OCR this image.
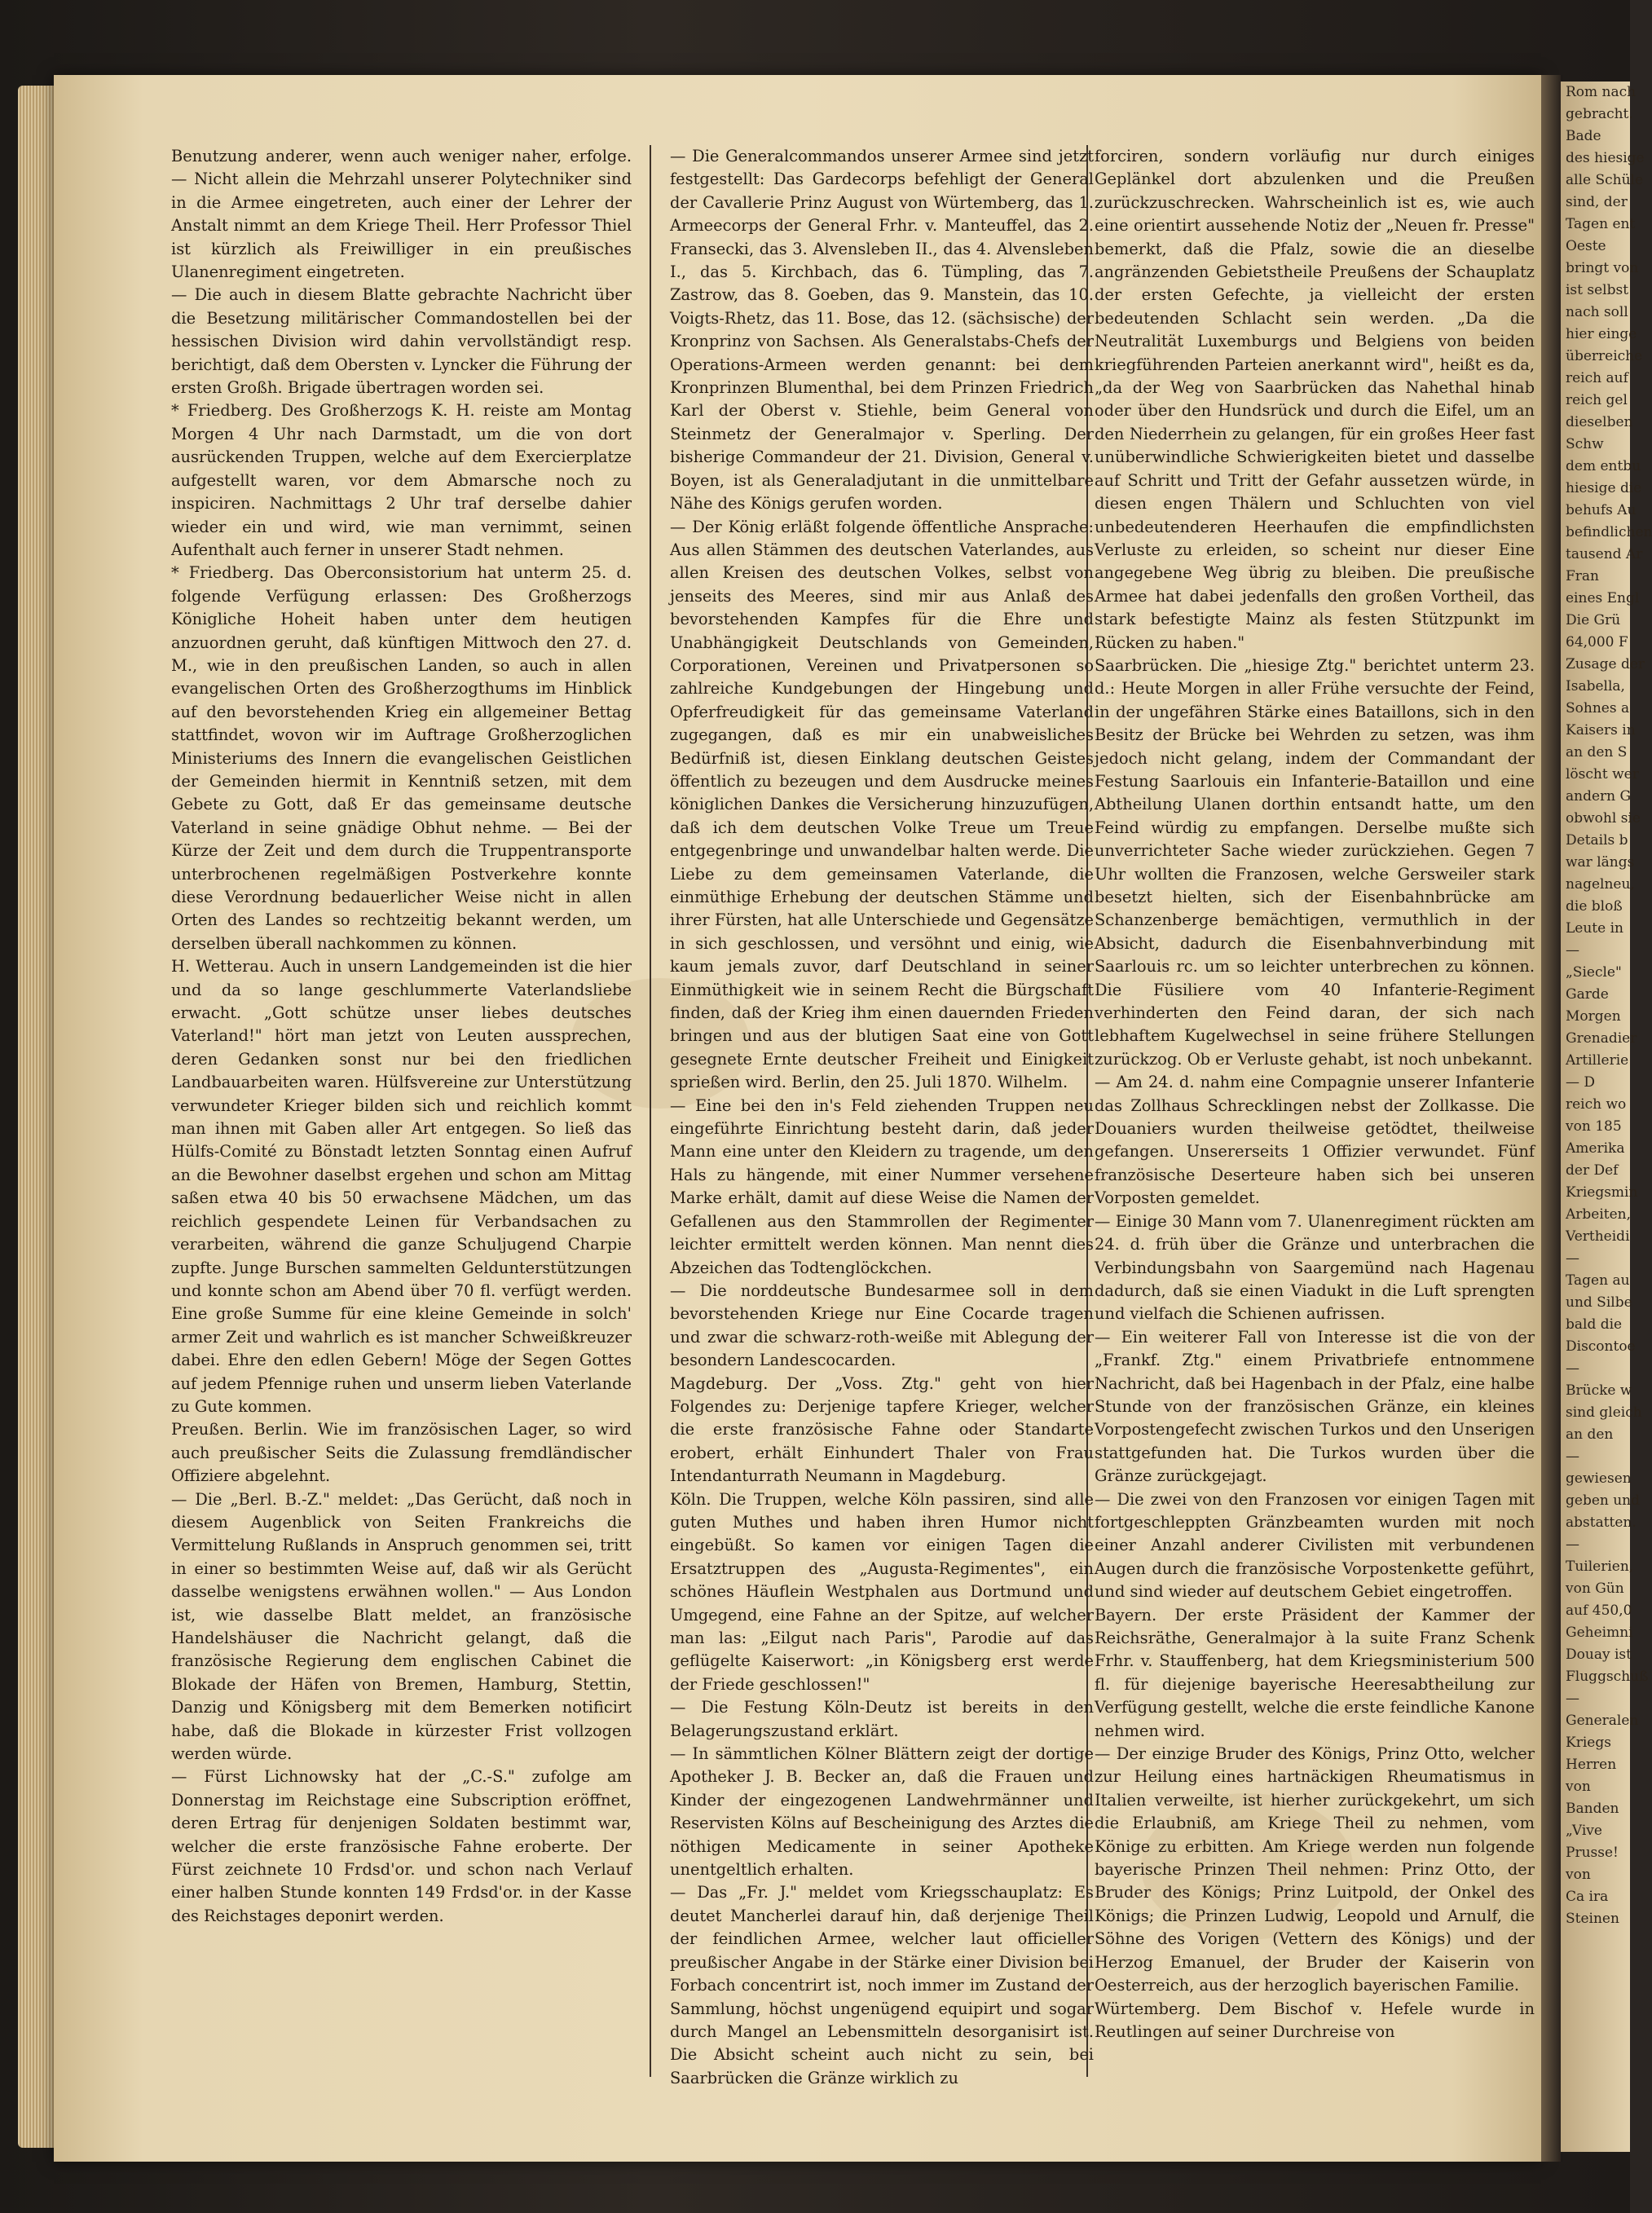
Rom nach
gebracht.
Bade
des hiesige
alle Schüle
sind, der
Tagen ent
Oeste
bringt von
ist selbst
nach soll
hier einge
überreiche
reich auf
reich gel
dieselben
Schw
dem entbu
hiesige die
behufs Au
befindlichen
tausend Ar
Fran
eines Engl
Die Grü
64,000 F
Zusage der
Isabella,
Sohnes a
Kaisers in
an den S
löscht wer
andern G
obwohl sie
Details b
war längs
nagelneu,
die bloß
Leute in
—
„Siecle"
Garde
Morgen
Grenadier
Artillerie
— D
reich wo
von 185
Amerika
der Def
Kriegsmin
Arbeiten,
Vertheidi
—
Tagen au
und Silbe
bald die
Discontoe
—
Brücke w
sind gleich
an den
—
gewiesen
geben und
abstatten.
—
Tuilerien,
von Gün
auf 450,0
Geheimni
Douay ist
Fluggschuß
—
Generalen
Kriegs
Herren
von
Banden
„Vive
Prusse!
von
Ca ira
Steinen

Benutzung anderer, wenn auch weniger naher, erfolge. — Nicht allein die Mehrzahl unserer Polytechniker sind in die Armee eingetreten, auch einer der Lehrer der Anstalt nimmt an dem Kriege Theil. Herr Professor Thiel ist kürzlich als Freiwilliger in ein preußisches Ulanenregiment eingetreten.

— Die auch in diesem Blatte gebrachte Nachricht über die Besetzung militärischer Commandostellen bei der hessischen Division wird dahin vervollständigt resp. berichtigt, daß dem Obersten v. Lyncker die Führung der ersten Großh. Brigade übertragen worden sei.

* Friedberg. Des Großherzogs K. H. reiste am Montag Morgen 4 Uhr nach Darmstadt, um die von dort ausrückenden Truppen, welche auf dem Exercierplatze aufgestellt waren, vor dem Abmarsche noch zu inspiciren. Nachmittags 2 Uhr traf derselbe dahier wieder ein und wird, wie man vernimmt, seinen Aufenthalt auch ferner in unserer Stadt nehmen.

* Friedberg. Das Oberconsistorium hat unterm 25. d. folgende Verfügung erlassen: Des Großherzogs Königliche Hoheit haben unter dem heutigen anzuordnen geruht, daß künftigen Mittwoch den 27. d. M., wie in den preußischen Landen, so auch in allen evangelischen Orten des Großherzogthums im Hinblick auf den bevorstehenden Krieg ein allgemeiner Bettag stattfindet, wovon wir im Auftrage Großherzoglichen Ministeriums des Innern die evangelischen Geistlichen der Gemeinden hiermit in Kenntniß setzen, mit dem Gebete zu Gott, daß Er das gemeinsame deutsche Vaterland in seine gnädige Obhut nehme. — Bei der Kürze der Zeit und dem durch die Truppentransporte unterbrochenen regelmäßigen Postverkehre konnte diese Verordnung bedauerlicher Weise nicht in allen Orten des Landes so rechtzeitig bekannt werden, um derselben überall nachkommen zu können.

H. Wetterau. Auch in unsern Landgemeinden ist die hier und da so lange geschlummerte Vaterlandsliebe erwacht. „Gott schütze unser liebes deutsches Vaterland!" hört man jetzt von Leuten aussprechen, deren Gedanken sonst nur bei den friedlichen Landbauarbeiten waren. Hülfsvereine zur Unterstützung verwundeter Krieger bilden sich und reichlich kommt man ihnen mit Gaben aller Art entgegen. So ließ das Hülfs-Comité zu Bönstadt letzten Sonntag einen Aufruf an die Bewohner daselbst ergehen und schon am Mittag saßen etwa 40 bis 50 erwachsene Mädchen, um das reichlich gespendete Leinen für Verbandsachen zu verarbeiten, während die ganze Schuljugend Charpie zupfte. Junge Burschen sammelten Geldunterstützungen und konnte schon am Abend über 70 fl. verfügt werden. Eine große Summe für eine kleine Gemeinde in solch' armer Zeit und wahrlich es ist mancher Schweißkreuzer dabei. Ehre den edlen Gebern! Möge der Segen Gottes auf jedem Pfennige ruhen und unserm lieben Vaterlande zu Gute kommen.

Preußen. Berlin. Wie im französischen Lager, so wird auch preußischer Seits die Zulassung fremdländischer Offiziere abgelehnt.

— Die „Berl. B.-Z." meldet: „Das Gerücht, daß noch in diesem Augenblick von Seiten Frankreichs die Vermittelung Rußlands in Anspruch genommen sei, tritt in einer so bestimmten Weise auf, daß wir als Gerücht dasselbe wenigstens erwähnen wollen." — Aus London ist, wie dasselbe Blatt meldet, an französische Handelshäuser die Nachricht gelangt, daß die französische Regierung dem englischen Cabinet die Blokade der Häfen von Bremen, Hamburg, Stettin, Danzig und Königsberg mit dem Bemerken notificirt habe, daß die Blokade in kürzester Frist vollzogen werden würde.

— Fürst Lichnowsky hat der „C.-S." zufolge am Donnerstag im Reichstage eine Subscription eröffnet, deren Ertrag für denjenigen Soldaten bestimmt war, welcher die erste französische Fahne eroberte. Der Fürst zeichnete 10 Frdsd'or. und schon nach Verlauf einer halben Stunde konnten 149 Frdsd'or. in der Kasse des Reichstages deponirt werden.

— Die Generalcommandos unserer Armee sind jetzt festgestellt: Das Gardecorps befehligt der General der Cavallerie Prinz August von Würtemberg, das 1. Armeecorps der General Frhr. v. Manteuffel, das 2. Fransecki, das 3. Alvensleben II., das 4. Alvensleben I., das 5. Kirchbach, das 6. Tümpling, das 7. Zastrow, das 8. Goeben, das 9. Manstein, das 10. Voigts-Rhetz, das 11. Bose, das 12. (sächsische) der Kronprinz von Sachsen. Als Generalstabs-Chefs der Operations-Armeen werden genannt: bei dem Kronprinzen Blumenthal, bei dem Prinzen Friedrich Karl der Oberst v. Stiehle, beim General von Steinmetz der Generalmajor v. Sperling. Der bisherige Commandeur der 21. Division, General v. Boyen, ist als Generaladjutant in die unmittelbare Nähe des Königs gerufen worden.

— Der König erläßt folgende öffentliche Ansprache: Aus allen Stämmen des deutschen Vaterlandes, aus allen Kreisen des deutschen Volkes, selbst von jenseits des Meeres, sind mir aus Anlaß des bevorstehenden Kampfes für die Ehre und Unabhängigkeit Deutschlands von Gemeinden, Corporationen, Vereinen und Privatpersonen so zahlreiche Kundgebungen der Hingebung und Opferfreudigkeit für das gemeinsame Vaterland zugegangen, daß es mir ein unabweisliches Bedürfniß ist, diesen Einklang deutschen Geistes öffentlich zu bezeugen und dem Ausdrucke meines königlichen Dankes die Versicherung hinzuzufügen, daß ich dem deutschen Volke Treue um Treue entgegenbringe und unwandelbar halten werde. Die Liebe zu dem gemeinsamen Vaterlande, die einmüthige Erhebung der deutschen Stämme und ihrer Fürsten, hat alle Unterschiede und Gegensätze in sich geschlossen, und versöhnt und einig, wie kaum jemals zuvor, darf Deutschland in seiner Einmüthigkeit wie in seinem Recht die Bürgschaft finden, daß der Krieg ihm einen dauernden Frieden bringen und aus der blutigen Saat eine von Gott gesegnete Ernte deutscher Freiheit und Einigkeit sprießen wird. Berlin, den 25. Juli 1870. Wilhelm.

— Eine bei den in's Feld ziehenden Truppen neu eingeführte Einrichtung besteht darin, daß jeder Mann eine unter den Kleidern zu tragende, um den Hals zu hängende, mit einer Nummer versehene Marke erhält, damit auf diese Weise die Namen der Gefallenen aus den Stammrollen der Regimenter leichter ermittelt werden können. Man nennt dies Abzeichen das Todtenglöckchen.

— Die norddeutsche Bundesarmee soll in dem bevorstehenden Kriege nur Eine Cocarde tragen und zwar die schwarz-roth-weiße mit Ablegung der besondern Landescocarden.

Magdeburg. Der „Voss. Ztg." geht von hier Folgendes zu: Derjenige tapfere Krieger, welcher die erste französische Fahne oder Standarte erobert, erhält Einhundert Thaler von Frau Intendanturrath Neumann in Magdeburg.

Köln. Die Truppen, welche Köln passiren, sind alle guten Muthes und haben ihren Humor nicht eingebüßt. So kamen vor einigen Tagen die Ersatztruppen des „Augusta-Regimentes", ein schönes Häuflein Westphalen aus Dortmund und Umgegend, eine Fahne an der Spitze, auf welcher man las: „Eilgut nach Paris", Parodie auf das geflügelte Kaiserwort: „in Königsberg erst werde der Friede geschlossen!"

— Die Festung Köln-Deutz ist bereits in den Belagerungszustand erklärt.

— In sämmtlichen Kölner Blättern zeigt der dortige Apotheker J. B. Becker an, daß die Frauen und Kinder der eingezogenen Landwehrmänner und Reservisten Kölns auf Bescheinigung des Arztes die nöthigen Medicamente in seiner Apotheke unentgeltlich erhalten.

— Das „Fr. J." meldet vom Kriegsschauplatz: Es deutet Mancherlei darauf hin, daß derjenige Theil der feindlichen Armee, welcher laut officieller preußischer Angabe in der Stärke einer Division bei Forbach concentrirt ist, noch immer im Zustand der Sammlung, höchst ungenügend equipirt und sogar durch Mangel an Lebensmitteln desorganisirt ist. Die Absicht scheint auch nicht zu sein, bei Saarbrücken die Gränze wirklich zu

forciren, sondern vorläufig nur durch einiges Geplänkel dort abzulenken und die Preußen zurückzuschrecken. Wahrscheinlich ist es, wie auch eine orientirt aussehende Notiz der „Neuen fr. Presse" bemerkt, daß die Pfalz, sowie die an dieselbe angränzenden Gebietstheile Preußens der Schauplatz der ersten Gefechte, ja vielleicht der ersten bedeutenden Schlacht sein werden. „Da die Neutralität Luxemburgs und Belgiens von beiden kriegführenden Parteien anerkannt wird", heißt es da, „da der Weg von Saarbrücken das Nahethal hinab oder über den Hundsrück und durch die Eifel, um an den Niederrhein zu gelangen, für ein großes Heer fast unüberwindliche Schwierigkeiten bietet und dasselbe auf Schritt und Tritt der Gefahr aussetzen würde, in diesen engen Thälern und Schluchten von viel unbedeutenderen Heerhaufen die empfindlichsten Verluste zu erleiden, so scheint nur dieser Eine angegebene Weg übrig zu bleiben. Die preußische Armee hat dabei jedenfalls den großen Vortheil, das stark befestigte Mainz als festen Stützpunkt im Rücken zu haben."

Saarbrücken. Die „hiesige Ztg." berichtet unterm 23. d.: Heute Morgen in aller Frühe versuchte der Feind, in der ungefähren Stärke eines Bataillons, sich in den Besitz der Brücke bei Wehrden zu setzen, was ihm jedoch nicht gelang, indem der Commandant der Festung Saarlouis ein Infanterie-Bataillon und eine Abtheilung Ulanen dorthin entsandt hatte, um den Feind würdig zu empfangen. Derselbe mußte sich unverrichteter Sache wieder zurückziehen. Gegen 7 Uhr wollten die Franzosen, welche Gersweiler stark besetzt hielten, sich der Eisenbahnbrücke am Schanzenberge bemächtigen, vermuthlich in der Absicht, dadurch die Eisenbahnverbindung mit Saarlouis rc. um so leichter unterbrechen zu können. Die Füsiliere vom 40 Infanterie-Regiment verhinderten den Feind daran, der sich nach lebhaftem Kugelwechsel in seine frühere Stellungen zurückzog. Ob er Verluste gehabt, ist noch unbekannt.

— Am 24. d. nahm eine Compagnie unserer Infanterie das Zollhaus Schrecklingen nebst der Zollkasse. Die Douaniers wurden theilweise getödtet, theilweise gefangen. Unsererseits 1 Offizier verwundet. Fünf französische Deserteure haben sich bei unseren Vorposten gemeldet.

— Einige 30 Mann vom 7. Ulanenregiment rückten am 24. d. früh über die Gränze und unterbrachen die Verbindungsbahn von Saargemünd nach Hagenau dadurch, daß sie einen Viadukt in die Luft sprengten und vielfach die Schienen aufrissen.

— Ein weiterer Fall von Interesse ist die von der „Frankf. Ztg." einem Privatbriefe entnommene Nachricht, daß bei Hagenbach in der Pfalz, eine halbe Stunde von der französischen Gränze, ein kleines Vorpostengefecht zwischen Turkos und den Unserigen stattgefunden hat. Die Turkos wurden über die Gränze zurückgejagt.

— Die zwei von den Franzosen vor einigen Tagen mit fortgeschleppten Gränzbeamten wurden mit noch einer Anzahl anderer Civilisten mit verbundenen Augen durch die französische Vorpostenkette geführt, und sind wieder auf deutschem Gebiet eingetroffen.

Bayern. Der erste Präsident der Kammer der Reichsräthe, Generalmajor à la suite Franz Schenk Frhr. v. Stauffenberg, hat dem Kriegsministerium 500 fl. für diejenige bayerische Heeresabtheilung zur Verfügung gestellt, welche die erste feindliche Kanone nehmen wird.

— Der einzige Bruder des Königs, Prinz Otto, welcher zur Heilung eines hartnäckigen Rheumatismus in Italien verweilte, ist hierher zurückgekehrt, um sich die Erlaubniß, am Kriege Theil zu nehmen, vom Könige zu erbitten. Am Kriege werden nun folgende bayerische Prinzen Theil nehmen: Prinz Otto, der Bruder des Königs; Prinz Luitpold, der Onkel des Königs; die Prinzen Ludwig, Leopold und Arnulf, die Söhne des Vorigen (Vettern des Königs) und der Herzog Emanuel, der Bruder der Kaiserin von Oesterreich, aus der herzoglich bayerischen Familie.

Würtemberg. Dem Bischof v. Hefele wurde in Reutlingen auf seiner Durchreise von
